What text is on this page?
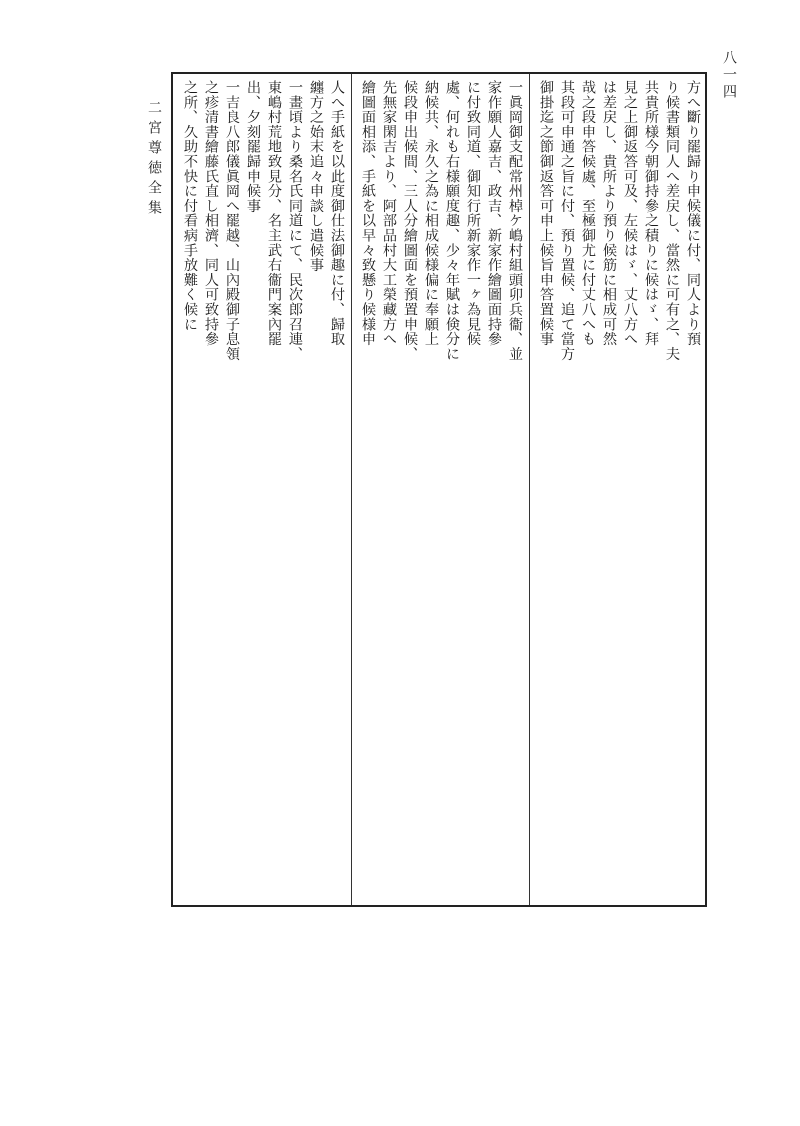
二宮尊徳全集
八一四
方へ斷り罷歸り申候儀に付、同人より預
り候書類同人へ差戻し、當然に可有之、夫
共貴所様今朝御持參之積りに候はゞ、拜
見之上御返答可及、左候はゞ、丈八方へ
は差戻し、貴所より預り候筋に相成可然
哉之段申答候處、至極御尤に付丈八へも
其段可申通之旨に付、預り置候、追て當方
御掛迄之節御返答可申上候旨申答置候事
一眞岡御支配常州棹ケ嶋村組頭卯兵衞、並
家作願人嘉吉、政吉、新家作繪圖面持參
に付致同道、御知行所新家作一ヶ為見候
處、何れも右様願度趣、少々年賦は倹分に
納候共、永久之為に相成候様偏に奉願上
候段申出候間、三人分繪圖面を預置申候、
先無家閑吉より、阿部品村大工榮藏方へ
繪圖面相添、手紙を以早々致懸り候様申
人へ手紙を以此度御仕法御趣に付、歸取
纏方之始末追々申談し遣候事
一畫頃より桑名氏同道にて、民次郎召連、
東嶋村荒地致見分、名主武右衞門案內罷
出、夕刻罷歸申候事
一吉良八郎儀眞岡へ罷越、山內殿御子息領
之疹清書繪藤氏直し相濟、同人可致持參
之所、久助不快に付看病手放難く候に
